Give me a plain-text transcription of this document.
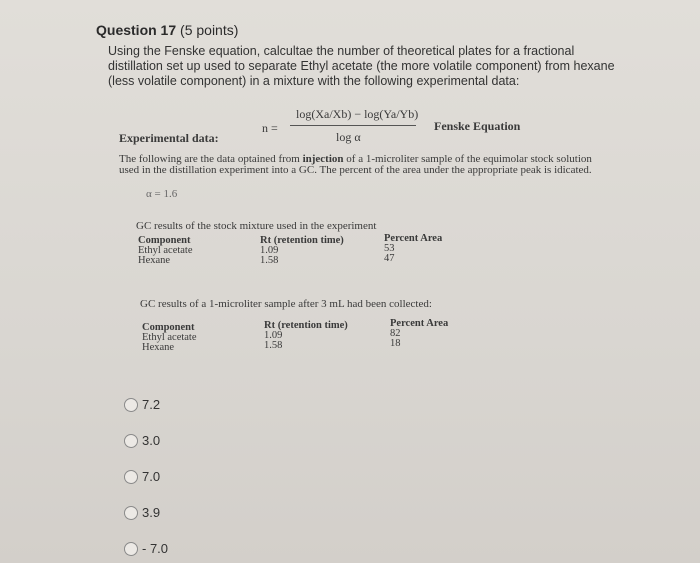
Question 17 (5 points)
Using the Fenske equation, calcultae the number of theoretical plates for a fractional distillation set up used to separate Ethyl acetate (the more volatile component) from hexane (less volatile component) in a mixture with the following experimental data:
n =
log(Xa/Xb) − log(Ya/Yb)
log α
Fenske Equation
Experimental data:
The following are the data optained from injection of a 1-microliter sample of the equimolar stock solution used in the distillation experiment into a GC. The percent of the area under the appropriate peak is idicated.
α = 1.6
GC results of the stock mixture used in the experiment
Component
Ethyl acetate
Hexane
Rt (retention time)
1.09
1.58
Percent Area
53
47
GC results of a 1-microliter sample after 3 mL had been collected:
Component
Ethyl acetate
Hexane
Rt (retention time)
1.09
1.58
Percent Area
82
18
7.2
3.0
7.0
3.9
- 7.0
